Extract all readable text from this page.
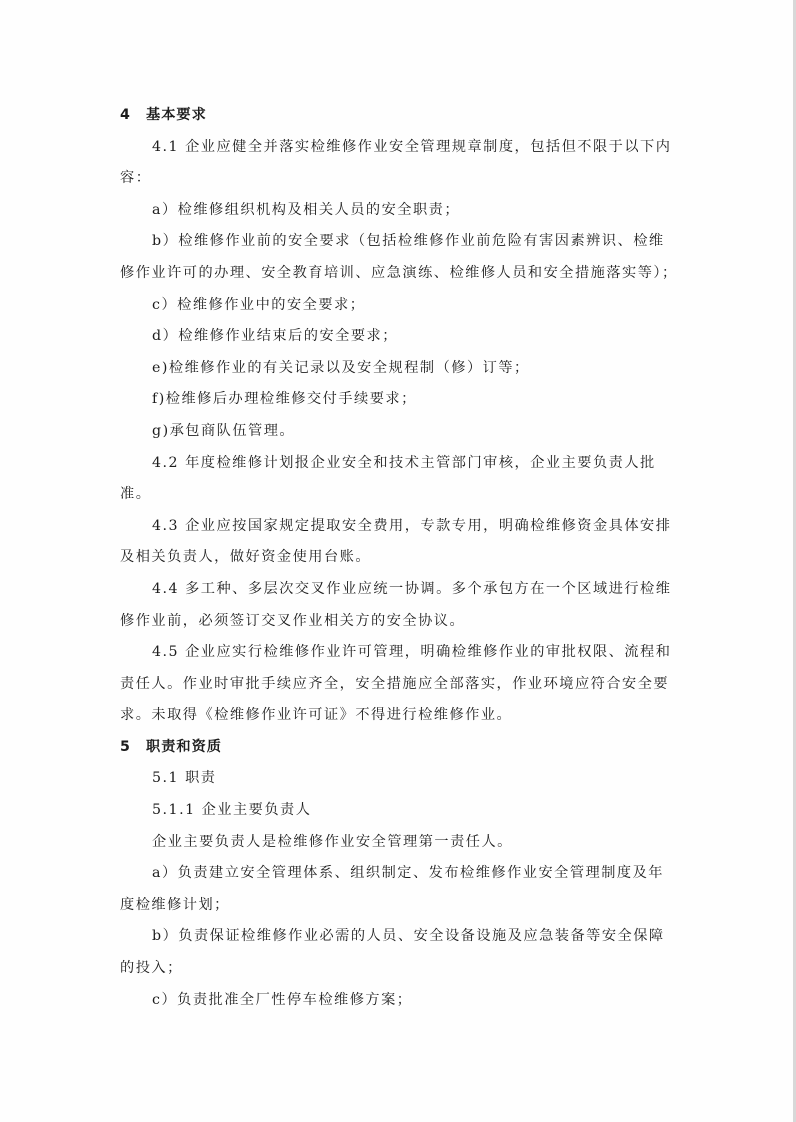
4 基本要求
4.1 企业应健全并落实检维修作业安全管理规章制度，包括但不限于以下内
容：
a）检维修组织机构及相关人员的安全职责；
b）检维修作业前的安全要求（包括检维修作业前危险有害因素辨识、检维
修作业许可的办理、安全教育培训、应急演练、检维修人员和安全措施落实等）；
c）检维修作业中的安全要求；
d）检维修作业结束后的安全要求；
e)检维修作业的有关记录以及安全规程制（修）订等；
f)检维修后办理检维修交付手续要求；
g)承包商队伍管理。
4.2 年度检维修计划报企业安全和技术主管部门审核，企业主要负责人批
准。
4.3 企业应按国家规定提取安全费用，专款专用，明确检维修资金具体安排
及相关负责人，做好资金使用台账。
4.4 多工种、多层次交叉作业应统一协调。多个承包方在一个区域进行检维
修作业前，必须签订交叉作业相关方的安全协议。
4.5 企业应实行检维修作业许可管理，明确检维修作业的审批权限、流程和
责任人。作业时审批手续应齐全，安全措施应全部落实，作业环境应符合安全要
求。未取得《检维修作业许可证》不得进行检维修作业。
5 职责和资质
5.1 职责
5.1.1 企业主要负责人
企业主要负责人是检维修作业安全管理第一责任人。
a）负责建立安全管理体系、组织制定、发布检维修作业安全管理制度及年
度检维修计划；
b）负责保证检维修作业必需的人员、安全设备设施及应急装备等安全保障
的投入；
c）负责批准全厂性停车检维修方案；
